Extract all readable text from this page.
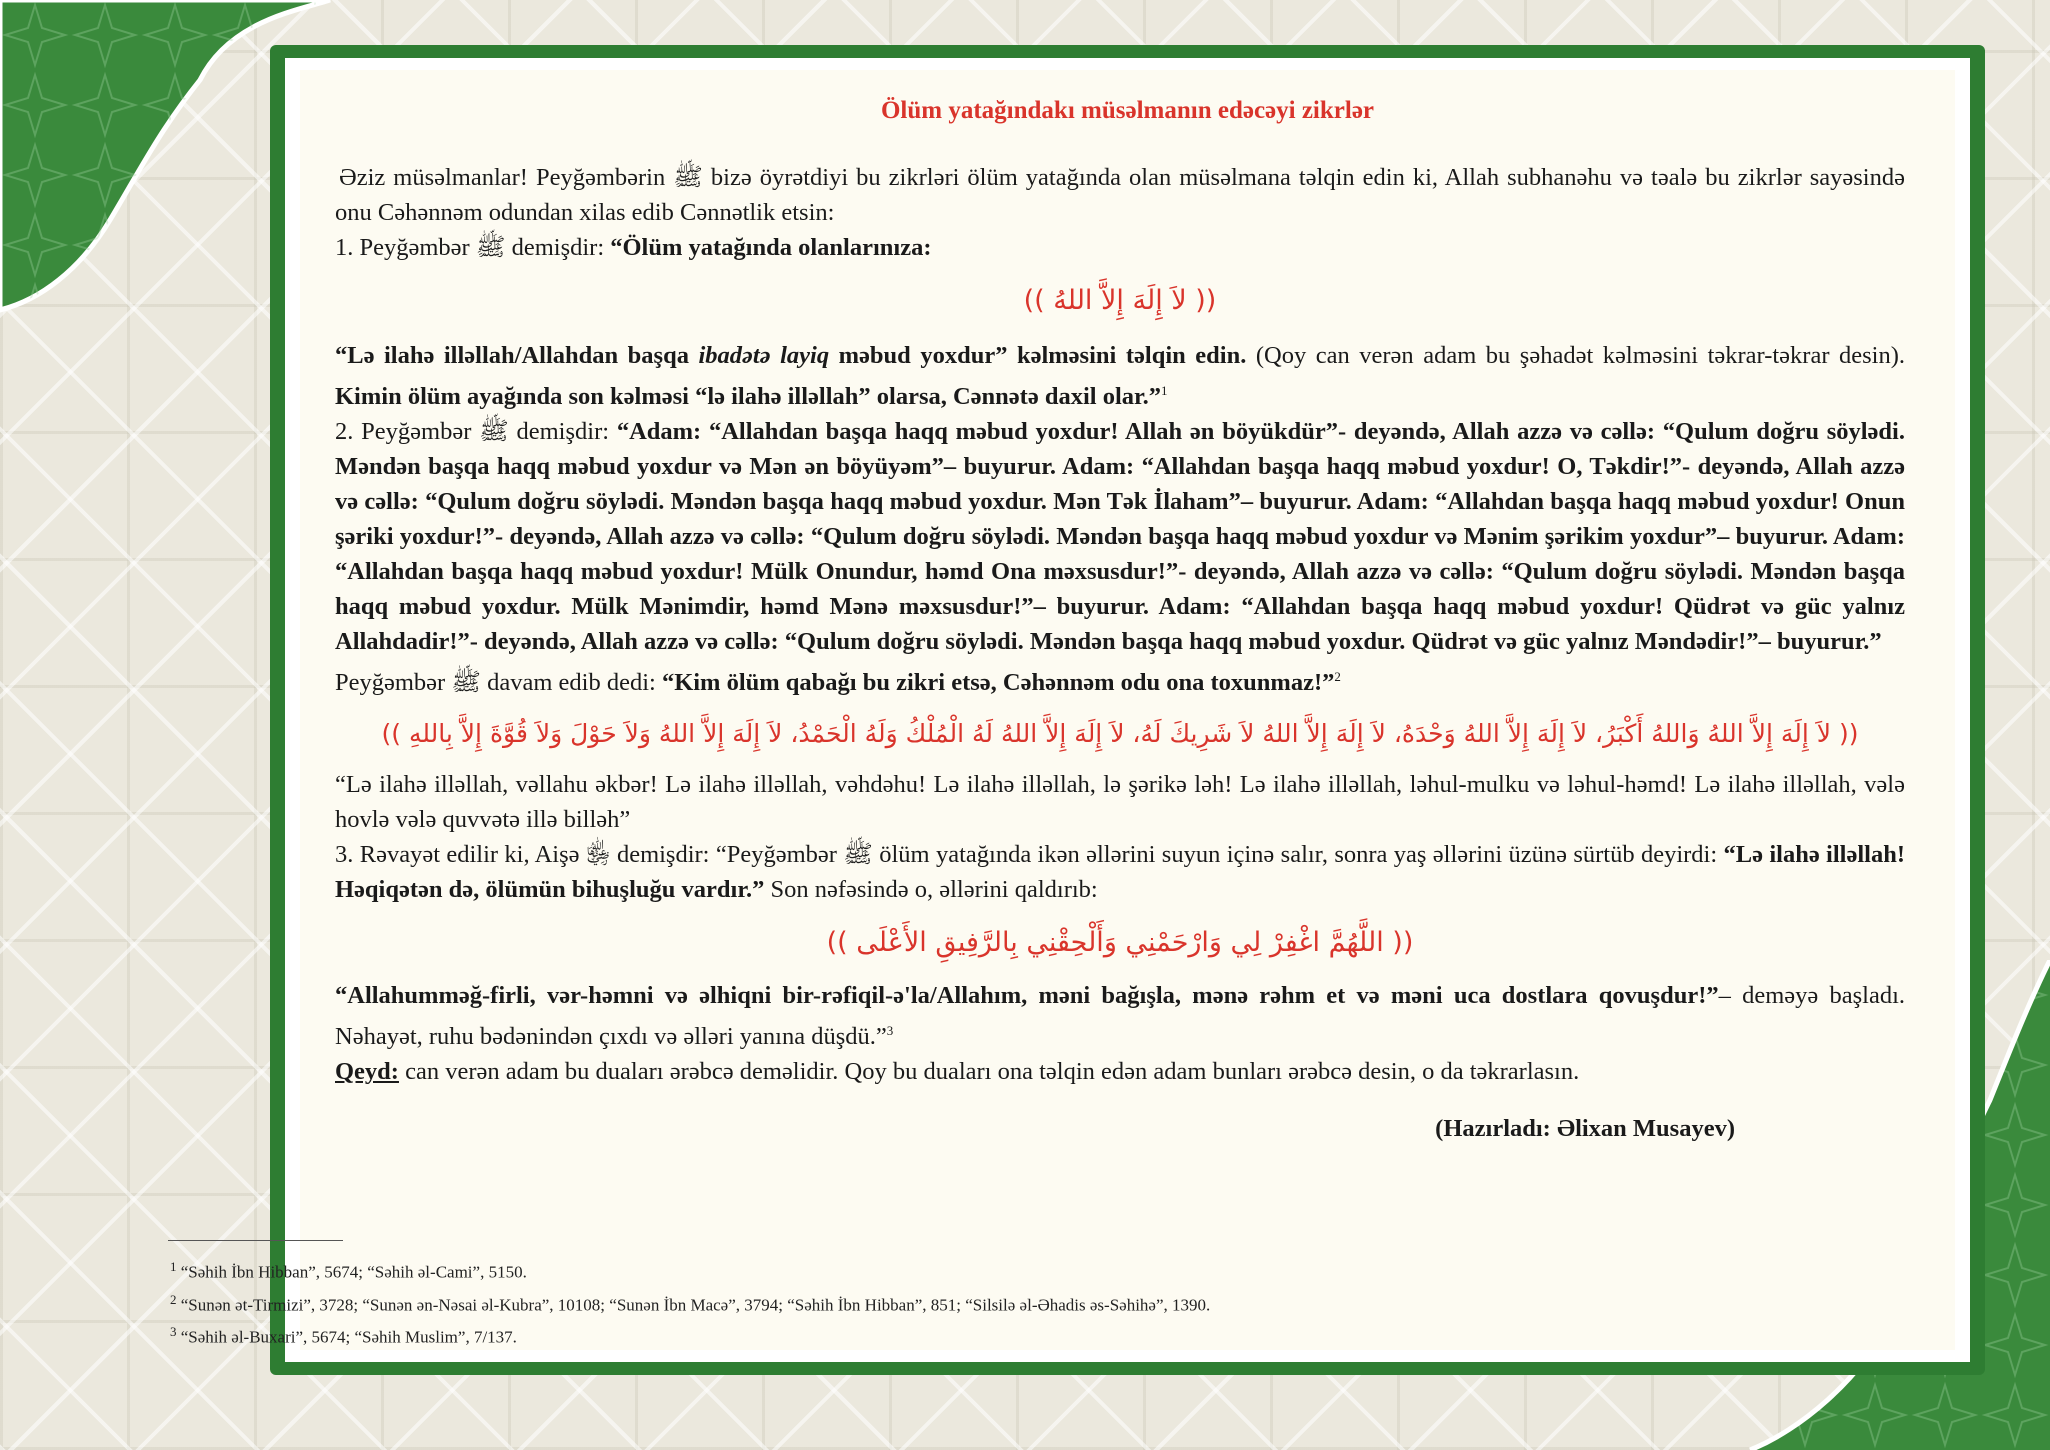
Ölüm yatağındakı müsəlmanın edəcəyi zikrlər

Əziz müsəlmanlar! Peyğəmbərin ﷺ bizə öyrətdiyi bu zikrləri ölüm yatağında olan müsəlmana təlqin edin ki, Allah subhanəhu və təalə bu zikrlər sayəsində onu Cəhənnəm odundan xilas edib Cənnətlik etsin:

1. Peyğəmbər ﷺ demişdir: “Ölüm yatağında olanlarınıza:

(( لاَ إِلَهَ إِلاَّ اللهُ ))

“Lə ilahə illəllah/Allahdan başqa ibadətə layiq məbud yoxdur” kəlməsini təlqin edin. (Qoy can verən adam bu şəhadət kəlməsini təkrar-təkrar desin). Kimin ölüm ayağında son kəlməsi “lə ilahə illəllah” olarsa, Cənnətə daxil olar.”$^1$

2. Peyğəmbər ﷺ demişdir: “Adam: “Allahdan başqa haqq məbud yoxdur! Allah ən böyükdür”- deyəndə, Allah azzə və cəllə: “Qulum doğru söylədi. Məndən başqa haqq məbud yoxdur və Mən ən böyüyəm”– buyurur. Adam: “Allahdan başqa haqq məbud yoxdur! O, Təkdir!”- deyəndə, Allah azzə və cəllə: “Qulum doğru söylədi. Məndən başqa haqq məbud yoxdur. Mən Tək İlaham”– buyurur. Adam: “Allahdan başqa haqq məbud yoxdur! Onun şəriki yoxdur!”- deyəndə, Allah azzə və cəllə: “Qulum doğru söylədi. Məndən başqa haqq məbud yoxdur və Mənim şərikim yoxdur”– buyurur. Adam: “Allahdan başqa haqq məbud yoxdur! Mülk Onundur, həmd Ona məxsusdur!”- deyəndə, Allah azzə və cəllə: “Qulum doğru söylədi. Məndən başqa haqq məbud yoxdur. Mülk Mənimdir, həmd Mənə məxsusdur!”– buyurur. Adam: “Allahdan başqa haqq məbud yoxdur! Qüdrət və güc yalnız Allahdadir!”- deyəndə, Allah azzə və cəllə: “Qulum doğru söylədi. Məndən başqa haqq məbud yoxdur. Qüdrət və güc yalnız Məndədir!”– buyurur.”

Peyğəmbər ﷺ davam edib dedi: “Kim ölüm qabağı bu zikri etsə, Cəhənnəm odu ona toxunmaz!”$^2$

(( لاَ إِلَهَ إِلاَّ اللهُ وَاللهُ أَكْبَرُ، لاَ إِلَهَ إِلاَّ اللهُ وَحْدَهُ، لاَ إِلَهَ إِلاَّ اللهُ لاَ شَرِيكَ لَهُ، لاَ إِلَهَ إِلاَّ اللهُ لَهُ الْمُلْكُ وَلَهُ الْحَمْدُ، لاَ إِلَهَ إِلاَّ اللهُ وَلاَ حَوْلَ وَلاَ قُوَّةَ إِلاَّ بِاللهِ ))

“Lə ilahə illəllah, vəllahu əkbər! Lə ilahə illəllah, vəhdəhu! Lə ilahə illəllah, lə şərikə ləh! Lə ilahə illəllah, ləhul-mulku və ləhul-həmd! Lə ilahə illəllah, vələ hovlə vələ quvvətə illə billəh”

3. Rəvayət edilir ki, Aişə ﵂ demişdir: “Peyğəmbər ﷺ ölüm yatağında ikən əllərini suyun içinə salır, sonra yaş əllərini üzünə sürtüb deyirdi: “Lə ilahə illəllah! Həqiqətən də, ölümün bihuşluğu vardır.” Son nəfəsində o, əllərini qaldırıb:

(( اللَّهُمَّ اغْفِرْ لِي وَارْحَمْنِي وَأَلْحِقْنِي بِالرَّفِيقِ الأَعْلَى ))

“Allahumməğ-firli, vər-həmni və əlhiqni bir-rəfiqil-ə'la/Allahım, məni bağışla, mənə rəhm et və məni uca dostlara qovuşdur!”– deməyə başladı. Nəhayət, ruhu bədənindən çıxdı və əlləri yanına düşdü.”$^3$

Qeyd: can verən adam bu duaları ərəbcə deməlidir. Qoy bu duaları ona təlqin edən adam bunları ərəbcə desin, o da təkrarlasın.

(Hazırladı: Əlixan Musayev)

$^1$ “Səhih İbn Hibban”, 5674; “Səhih əl-Cami”, 5150.
$^2$ “Sunən ət-Tirmizi”, 3728; “Sunən ən-Nəsai əl-Kubra”, 10108; “Sunən İbn Macə”, 3794; “Səhih İbn Hibban”, 851; “Silsilə əl-Əhadis əs-Səhihə”, 1390.
$^3$ “Səhih əl-Buxari”, 5674; “Səhih Muslim”, 7/137.
